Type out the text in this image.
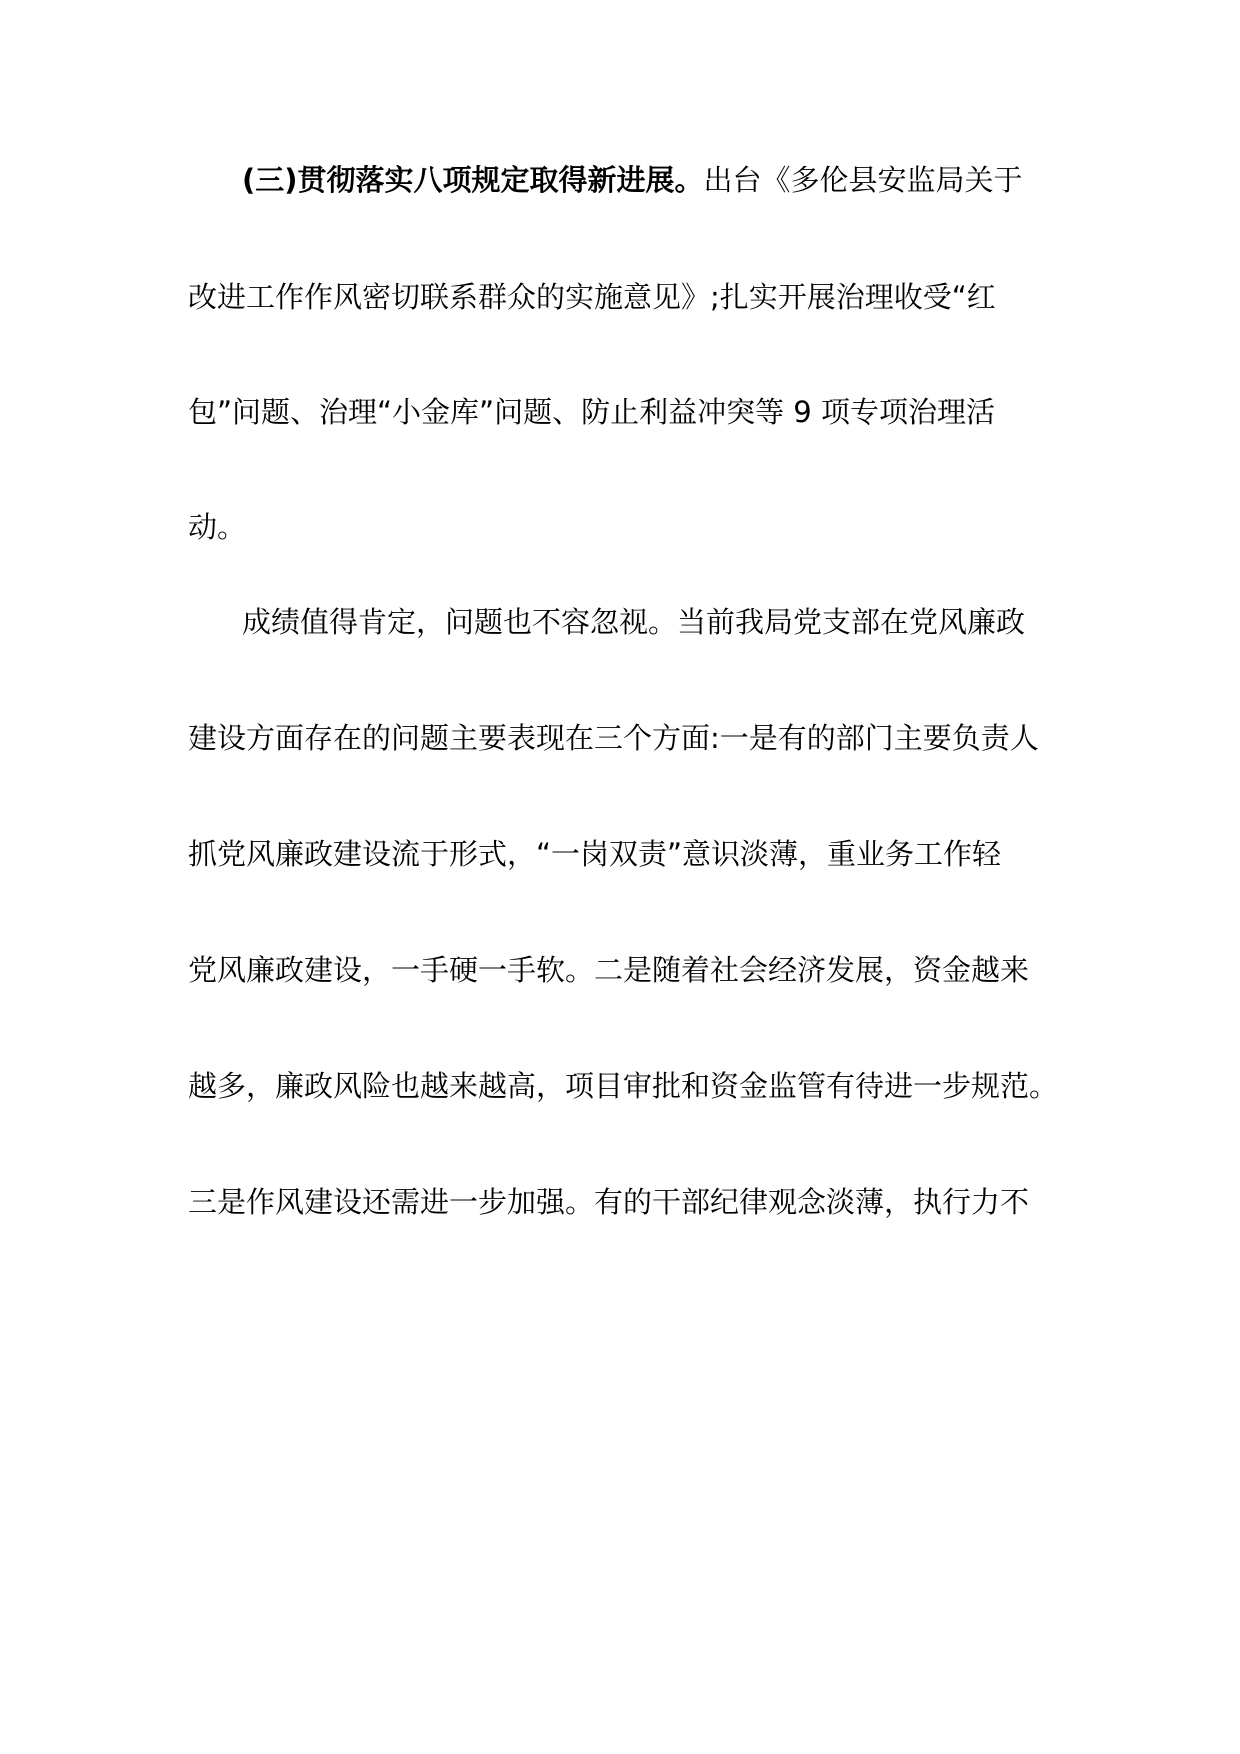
(三)贯彻落实八项规定取得新进展。出台《多伦县安监局关于
改进工作作风密切联系群众的实施意见》;扎实开展治理收受“红
包”问题、治理“小金库”问题、防止利益冲突等 9 项专项治理活
动。
成绩值得肯定，问题也不容忽视。当前我局党支部在党风廉政
建设方面存在的问题主要表现在三个方面:一是有的部门主要负责人
抓党风廉政建设流于形式，“一岗双责”意识淡薄，重业务工作轻
党风廉政建设，一手硬一手软。二是随着社会经济发展，资金越来
越多，廉政风险也越来越高，项目审批和资金监管有待进一步规范。
三是作风建设还需进一步加强。有的干部纪律观念淡薄，执行力不
